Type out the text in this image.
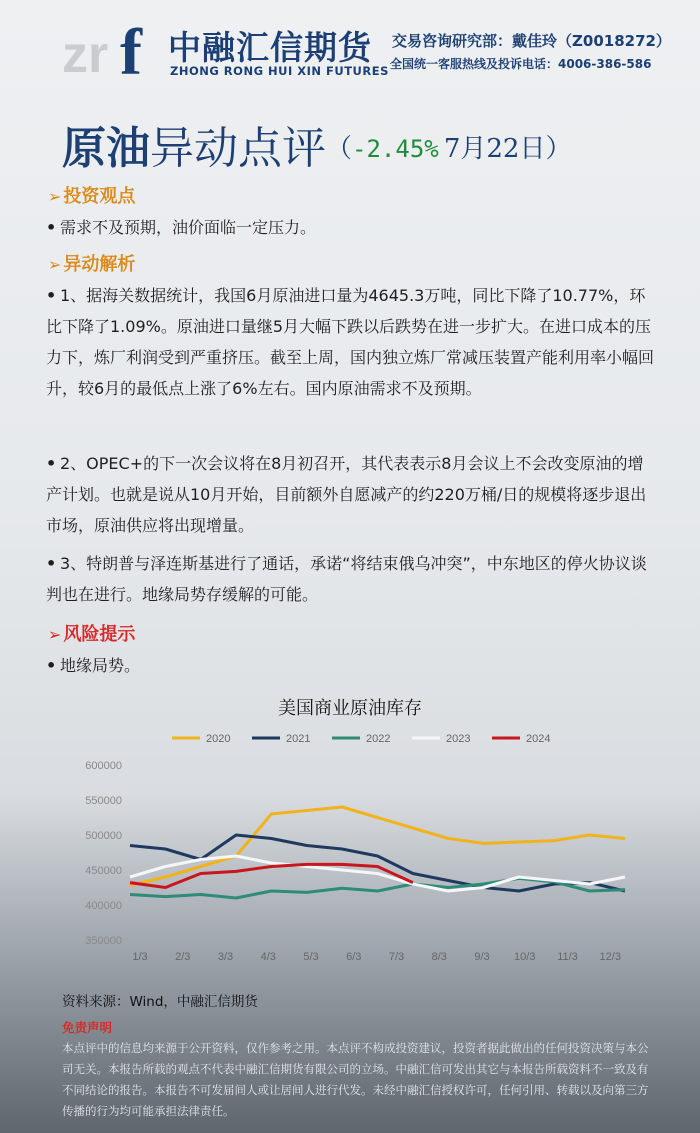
zr f 中融汇信期货
ZHONG RONG HUI XIN FUTURES
交易咨询研究部：戴佳玲（Z0018272）
全国统一客服热线及投诉电话：4006-386-586
原油异动点评（-2.45% 7月22日）
➢ 投资观点
• 需求不及预期，油价面临一定压力。
➢ 异动解析
• 1、据海关数据统计，我国6月原油进口量为4645.3万吨，同比下降了10.77%，环比下降了1.09%。原油进口量继5月大幅下跌以后跌势在进一步扩大。在进口成本的压力下，炼厂利润受到严重挤压。截至上周，国内独立炼厂常减压装置产能利用率小幅回升，较6月的最低点上涨了6%左右。国内原油需求不及预期。
• 2、OPEC+的下一次会议将在8月初召开，其代表表示8月会议上不会改变原油的增产计划。也就是说从10月开始，目前额外自愿减产的约220万桶/日的规模将逐步退出市场，原油供应将出现增量。
• 3、特朗普与泽连斯基进行了通话，承诺“将结束俄乌冲突”，中东地区的停火协议谈判也在进行。地缘局势存缓解的可能。
➢ 风险提示
• 地缘局势。
美国商业原油库存
350000
400000
450000
500000
550000
600000
1/3 2/3 3/3 4/3 5/3 6/3 7/3 8/3 9/3 10/3 11/3 12/3
2020	2021	2022	2023	2024
资料来源：Wind，中融汇信期货
免责声明
本点评中的信息均来源于公开资料，仅作参考之用。本点评不构成投资建议，投资者据此做出的任何投资决策与本公司无关。本报告所载的观点不代表中融汇信期货有限公司的立场。中融汇信可发出其它与本报告所载资料不一致及有不同结论的报告。本报告不可发届间人或让居间人进行代发。未经中融汇信授权许可，任何引用、转载以及向第三方传播的行为均可能承担法律责任。
